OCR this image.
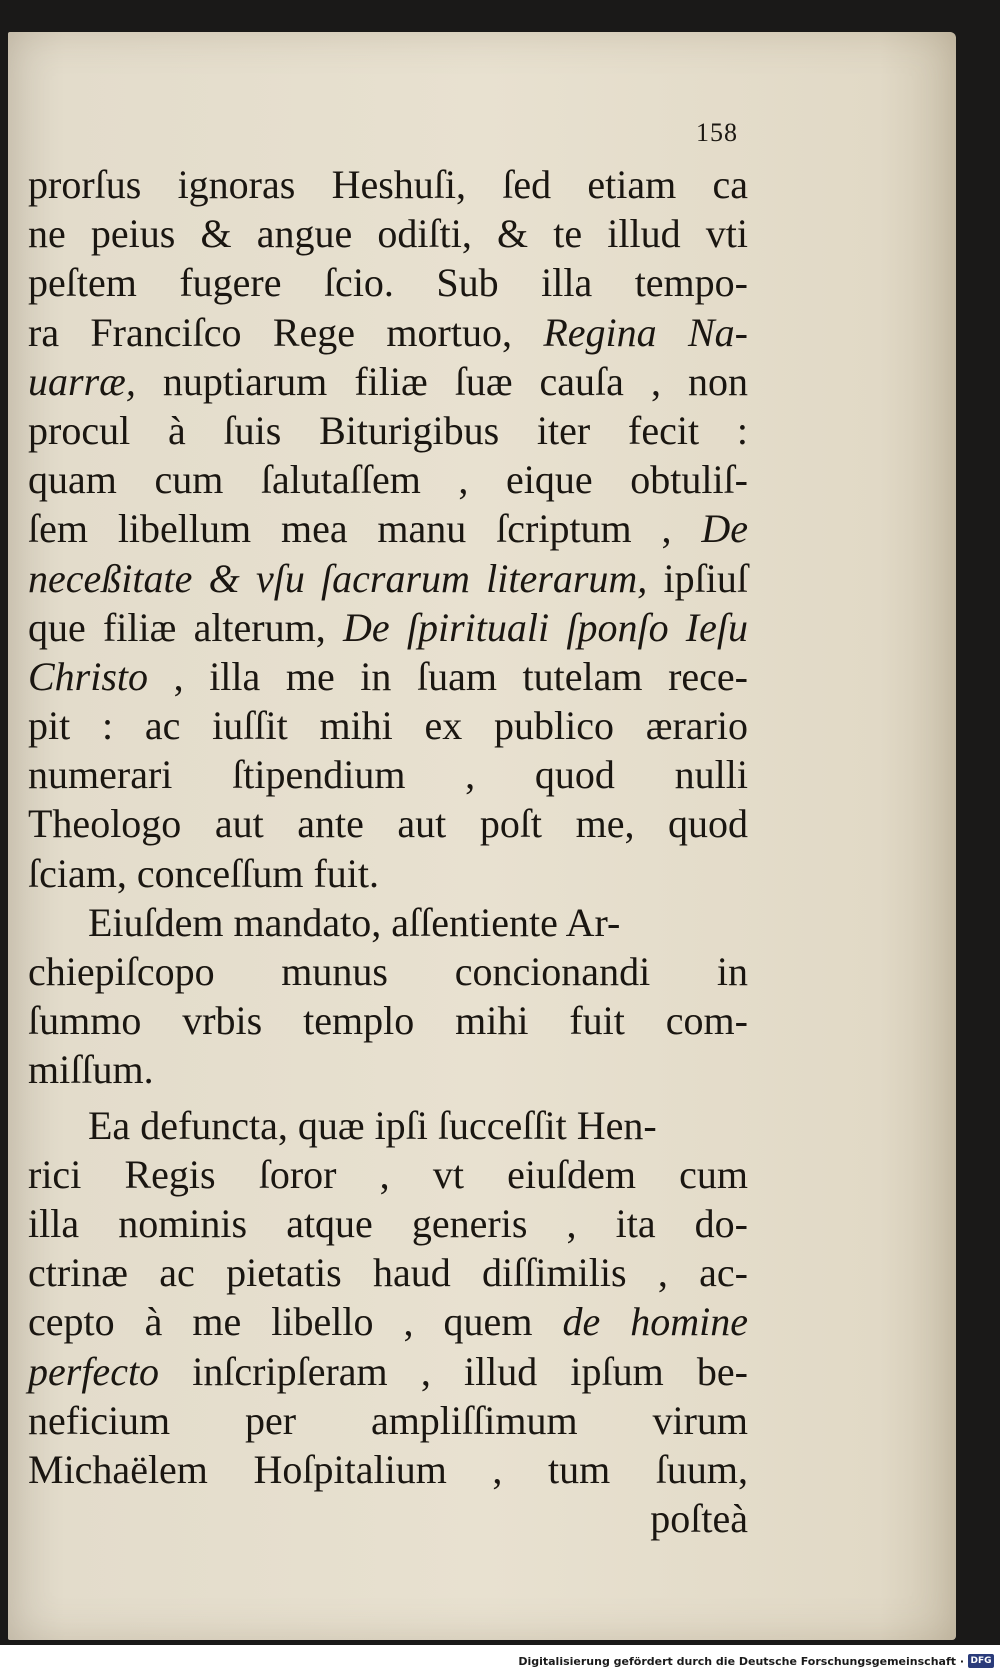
158
prorſus ignoras Heshuſi, ſed etiam ca
ne peius & angue odiſti, & te illud vti
peſtem fugere ſcio. Sub illa tempo-
ra Franciſco Rege mortuo, Regina Na-
uarræ, nuptiarum filiæ ſuæ cauſa , non
procul à ſuis Biturigibus iter fecit :
quam cum ſalutaſſem , eique obtuliſ-
ſem libellum mea manu ſcriptum , De
neceßitate & vſu ſacrarum literarum, ipſiuſ
que filiæ alterum, De ſpirituali ſponſo Ieſu
Christo , illa me in ſuam tutelam rece-
pit : ac iuſſit mihi ex publico ærario
numerari ſtipendium , quod nulli
Theologo aut ante aut poſt me, quod
ſciam, conceſſum fuit.
Eiuſdem mandato, aſſentiente Ar-
chiepiſcopo munus concionandi in
ſummo vrbis templo mihi fuit com-
miſſum.
Ea defuncta, quæ ipſi ſucceſſit Hen-
rici Regis ſoror , vt eiuſdem cum
illa nominis atque generis , ita do-
ctrinæ ac pietatis haud diſſimilis , ac-
cepto à me libello , quem de homine
perfecto inſcripſeram , illud ipſum be-
neficium per ampliſſimum virum
Michaëlem Hoſpitalium , tum ſuum,
poſteà
Digitalisierung gefördert durch die Deutsche Forschungsgemeinschaft · DFG
